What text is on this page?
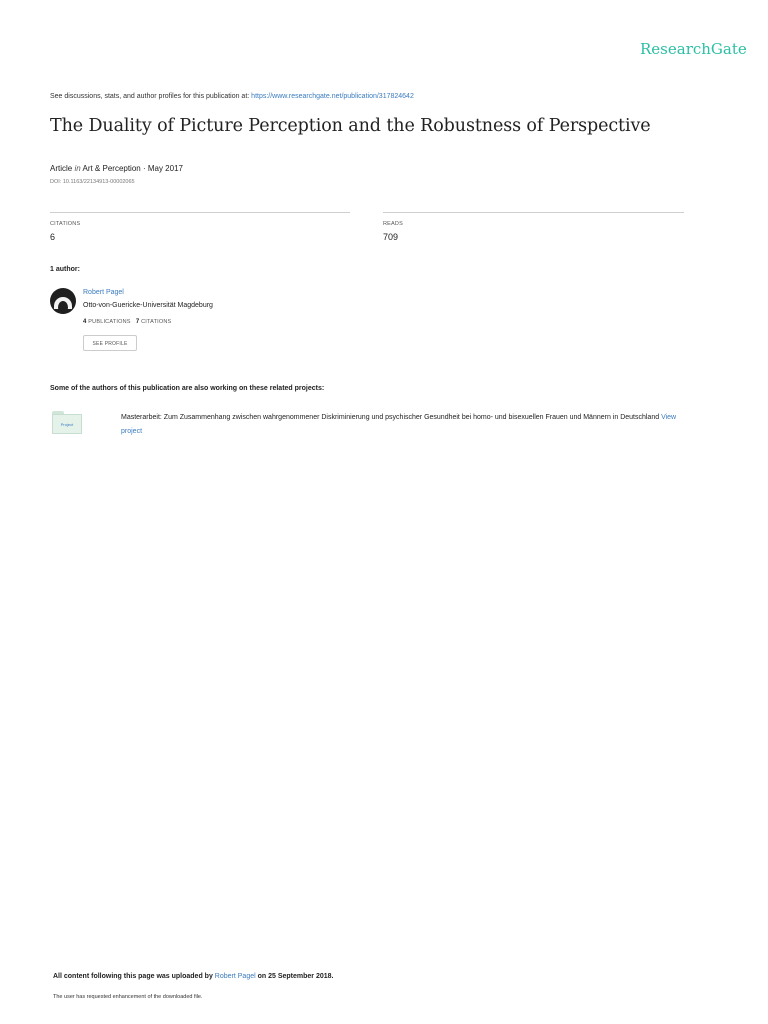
ResearchGate
See discussions, stats, and author profiles for this publication at: https://www.researchgate.net/publication/317824642
The Duality of Picture Perception and the Robustness of Perspective
Article in Art & Perception · May 2017
DOI: 10.1163/22134913-00002065
CITATIONS
6
READS
709
1 author:
Robert Pagel
Otto-von-Guericke-Universität Magdeburg
4 PUBLICATIONS 7 CITATIONS
SEE PROFILE
Some of the authors of this publication are also working on these related projects:
Project
Masterarbeit: Zum Zusammenhang zwischen wahrgenommener Diskriminierung und psychischer Gesundheit bei homo- und bisexuellen Frauen und Männern in Deutschland View project
All content following this page was uploaded by Robert Pagel on 25 September 2018.
The user has requested enhancement of the downloaded file.
